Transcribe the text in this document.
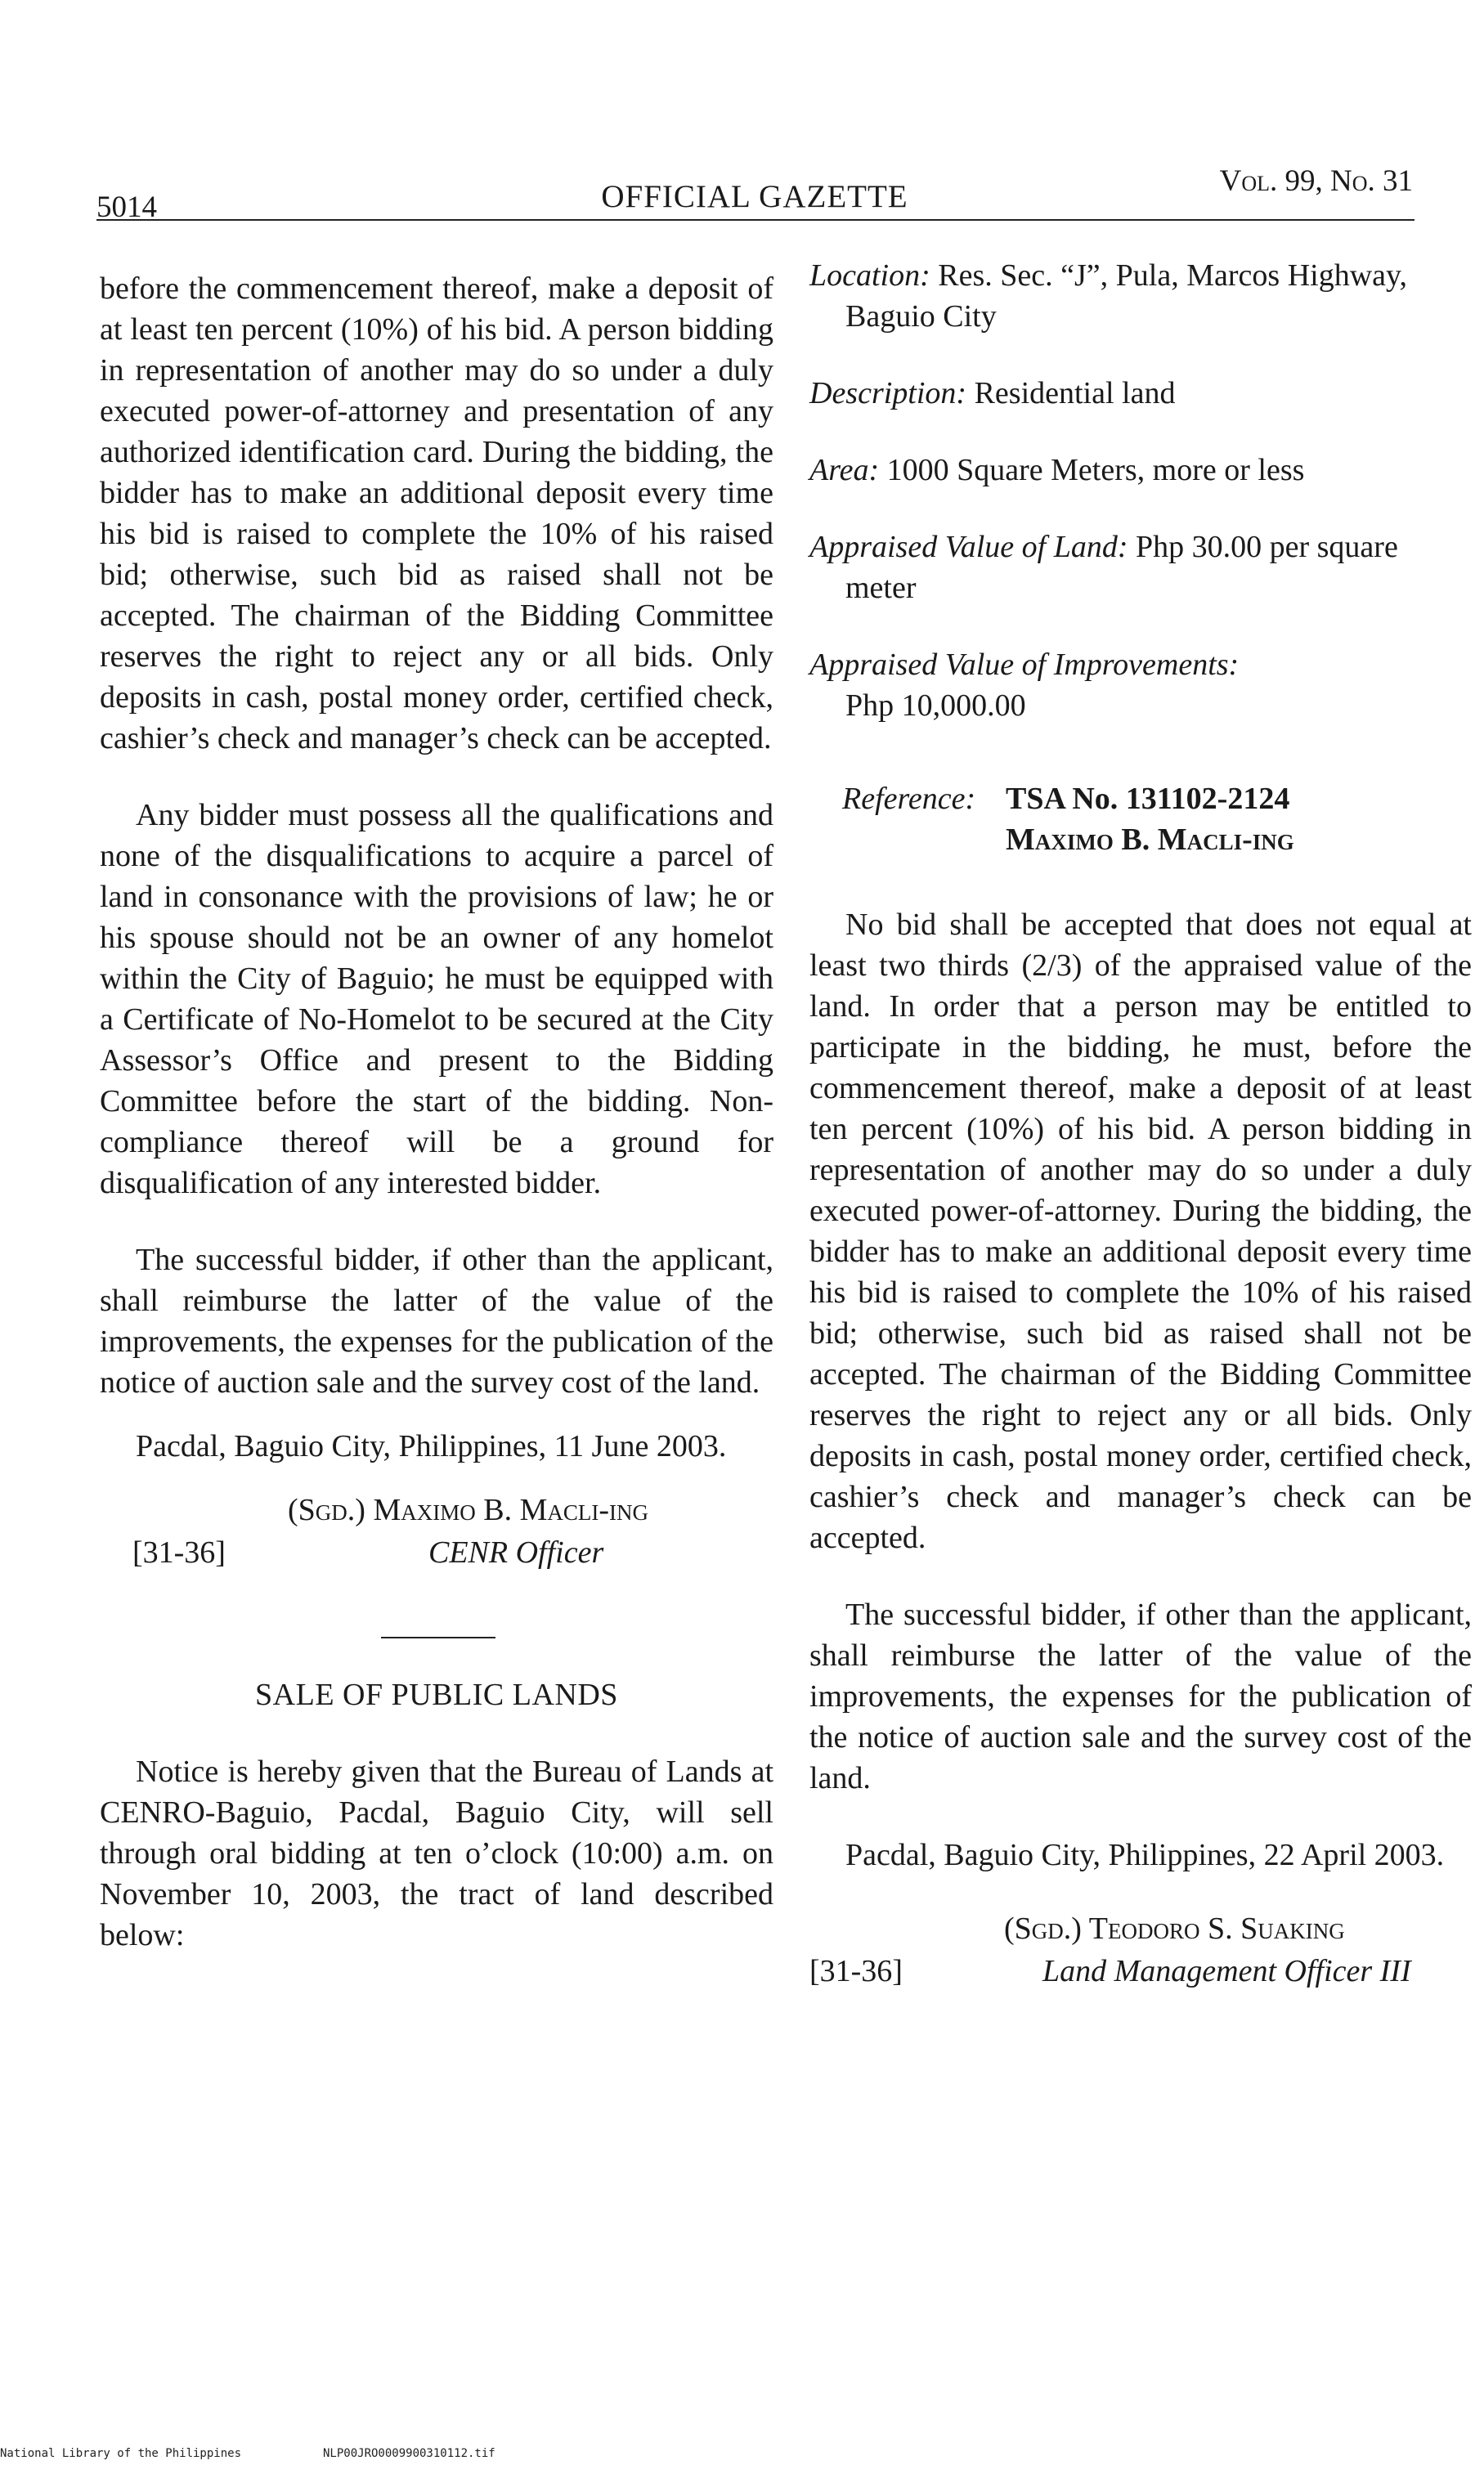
5014	OFFICIAL GAZETTE	Vol. 99, No. 31

before the commencement thereof, make a deposit of at least ten percent (10%) of his bid. A person bidding in representation of another may do so under a duly executed power-of-attorney and presentation of any authorized identification card. During the bidding, the bidder has to make an additional deposit every time his bid is raised to complete the 10% of his raised bid; otherwise, such bid as raised shall not be accepted. The chairman of the Bidding Committee reserves the right to reject any or all bids. Only deposits in cash, postal money order, certified check, cashier’s check and manager’s check can be accepted.

Any bidder must possess all the qualifications and none of the disqualifications to acquire a parcel of land in consonance with the provisions of law; he or his spouse should not be an owner of any homelot within the City of Baguio; he must be equipped with a Certificate of No-Homelot to be secured at the City Assessor’s Office and present to the Bidding Committee before the start of the bidding. Non-compliance thereof will be a ground for disqualification of any interested bidder.

The successful bidder, if other than the applicant, shall reimburse the latter of the value of the improvements, the expenses for the publication of the notice of auction sale and the survey cost of the land.

Pacdal, Baguio City, Philippines, 11 June 2003.

(Sgd.) Maximo B. Macli-ing
[31-36]	CENR Officer
SALE OF PUBLIC LANDS

Notice is hereby given that the Bureau of Lands at CENRO-Baguio, Pacdal, Baguio City, will sell through oral bidding at ten o’clock (10:00) a.m. on November 10, 2003, the tract of land described below:

Location: Res. Sec. “J”, Pula, Marcos Highway, Baguio City

Description: Residential land

Area: 1000 Square Meters, more or less

Appraised Value of Land: Php 30.00 per square meter

Appraised Value of Improvements:
Php 10,000.00

Reference: TSA No. 131102-2124
Maximo B. Macli-ing

No bid shall be accepted that does not equal at least two thirds (2/3) of the appraised value of the land. In order that a person may be entitled to participate in the bidding, he must, before the commencement thereof, make a deposit of at least ten percent (10%) of his bid. A person bidding in representation of another may do so under a duly executed power-of-attorney. During the bidding, the bidder has to make an additional deposit every time his bid is raised to complete the 10% of his raised bid; otherwise, such bid as raised shall not be accepted. The chairman of the Bidding Committee reserves the right to reject any or all bids. Only deposits in cash, postal money order, certified check, cashier’s check and manager’s check can be accepted.

The successful bidder, if other than the applicant, shall reimburse the latter of the value of the improvements, the expenses for the publication of the notice of auction sale and the survey cost of the land.

Pacdal, Baguio City, Philippines, 22 April 2003.

(Sgd.) Teodoro S. Suaking
[31-36]	Land Management Officer III
National Library of the Philippines	NLP00JRO0009900310112.tif
